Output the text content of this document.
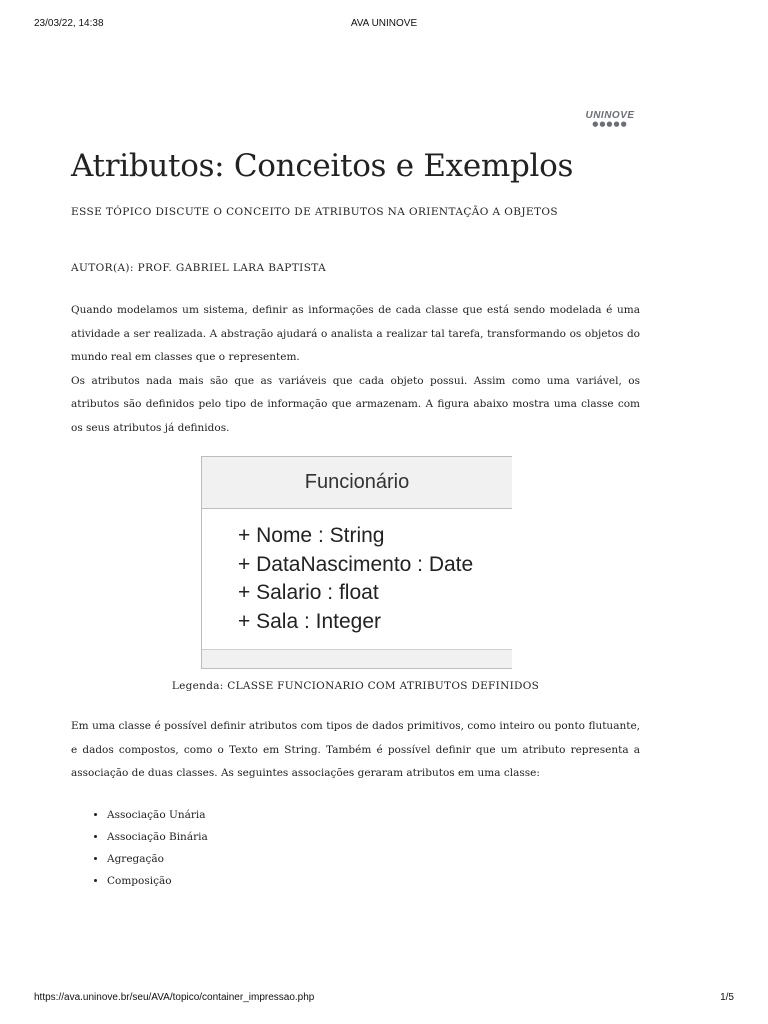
23/03/22, 14:38	AVA UNINOVE
UNINOVE
●●●●●
Atributos: Conceitos e Exemplos
ESSE TÓPICO DISCUTE O CONCEITO DE ATRIBUTOS NA ORIENTAÇÃO A OBJETOS
AUTOR(A): PROF. GABRIEL LARA BAPTISTA

Quando modelamos um sistema, definir as informações de cada classe que está sendo modelada é uma atividade a ser realizada. A abstração ajudará o analista a realizar tal tarefa, transformando os objetos do mundo real em classes que o representem.

Os atributos nada mais são que as variáveis que cada objeto possui. Assim como uma variável, os atributos são definidos pelo tipo de informação que armazenam. A figura abaixo mostra uma classe com os seus atributos já definidos.

Funcionário
+ Nome : String
+ DataNascimento : Date
+ Salario : float
+ Sala : Integer
Legenda: CLASSE FUNCIONARIO COM ATRIBUTOS DEFINIDOS

Em uma classe é possível definir atributos com tipos de dados primitivos, como inteiro ou ponto flutuante, e dados compostos, como o Texto em String. Também é possível definir que um atributo representa a associação de duas classes. As seguintes associações geraram atributos em uma classe:

• Associação Unária
• Associação Binária
• Agregação
• Composição
https://ava.uninove.br/seu/AVA/topico/container_impressao.php	1/5
